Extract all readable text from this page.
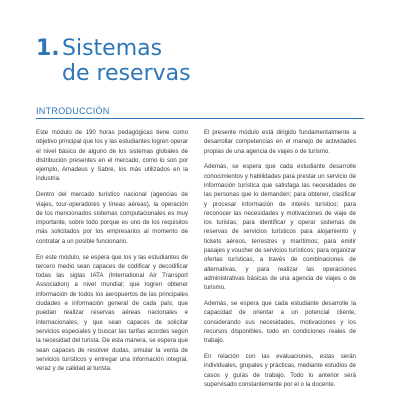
1. Sistemas
de reservas
INTRODUCCIÓN

Este módulo de 190 horas pedagógicas tiene como objetivo principal que los y las estudiantes logren operar el nivel básico de alguno de los sistemas globales de distribución presentes en el mercado, como lo son por ejemplo, Amadeus y Sabre, los más utilizados en la industria.

Dentro del mercado turístico nacional (agencias de viajes, tour-operadores y líneas aéreas), la operación de los mencionados sistemas computacionales es muy importante, sobre todo porque es uno de los requisitos más solicitados por los empresarios al momento de contratar a un posible funcionario.

En este módulo, se espera que los y las estudiantes de tercero medio sean capaces de codificar y decodificar todas las siglas IATA (International Air Transport Association) a nivel mundial; que logren obtener información de todos los aeropuertos de las principales ciudades e información general de cada país; que puedan realizar reservas aéreas nacionales e internacionales, y que sean capaces de solicitar servicios especiales y buscar las tarifas acordes según la necesidad del turista. De esta manera, se espera que sean capaces de resolver dudas, simular la venta de servicios turísticos y entregar una información integral, veraz y de calidad al turista.

El presente módulo está dirigido fundamentalmente a desarrollar competencias en el manejo de actividades propias de una agencia de viajes o de turismo.

Además, se espera que cada estudiante desarrolle conocimientos y habilidades para prestar un servicio de información turística que satisfaga las necesidades de las personas que lo demanden; para obtener, clasificar y procesar información de interés turístico; para reconocer las necesidades y motivaciones de viaje de los turistas; para identificar y operar sistemas de reservas de servicios turísticos para alojamiento y tickets aéreos, terrestres y marítimos; para emitir pasajes y voucher de servicios turísticos; para organizar ofertas turísticas, a través de combinaciones de alternativas, y para realizar las operaciones administrativas básicas de una agencia de viajes o de turismo.

Además, se espera que cada estudiante desarrolle la capacidad de orientar a un potencial cliente, considerando sus necesidades, motivaciones y los recursos disponibles, todo en condiciones reales de trabajo.

En relación con las evaluaciones, estas serán individuales, grupales y prácticas, mediante estudios de casos y guías de trabajo. Todo lo anterior será supervisado constantemente por el o la docente.
